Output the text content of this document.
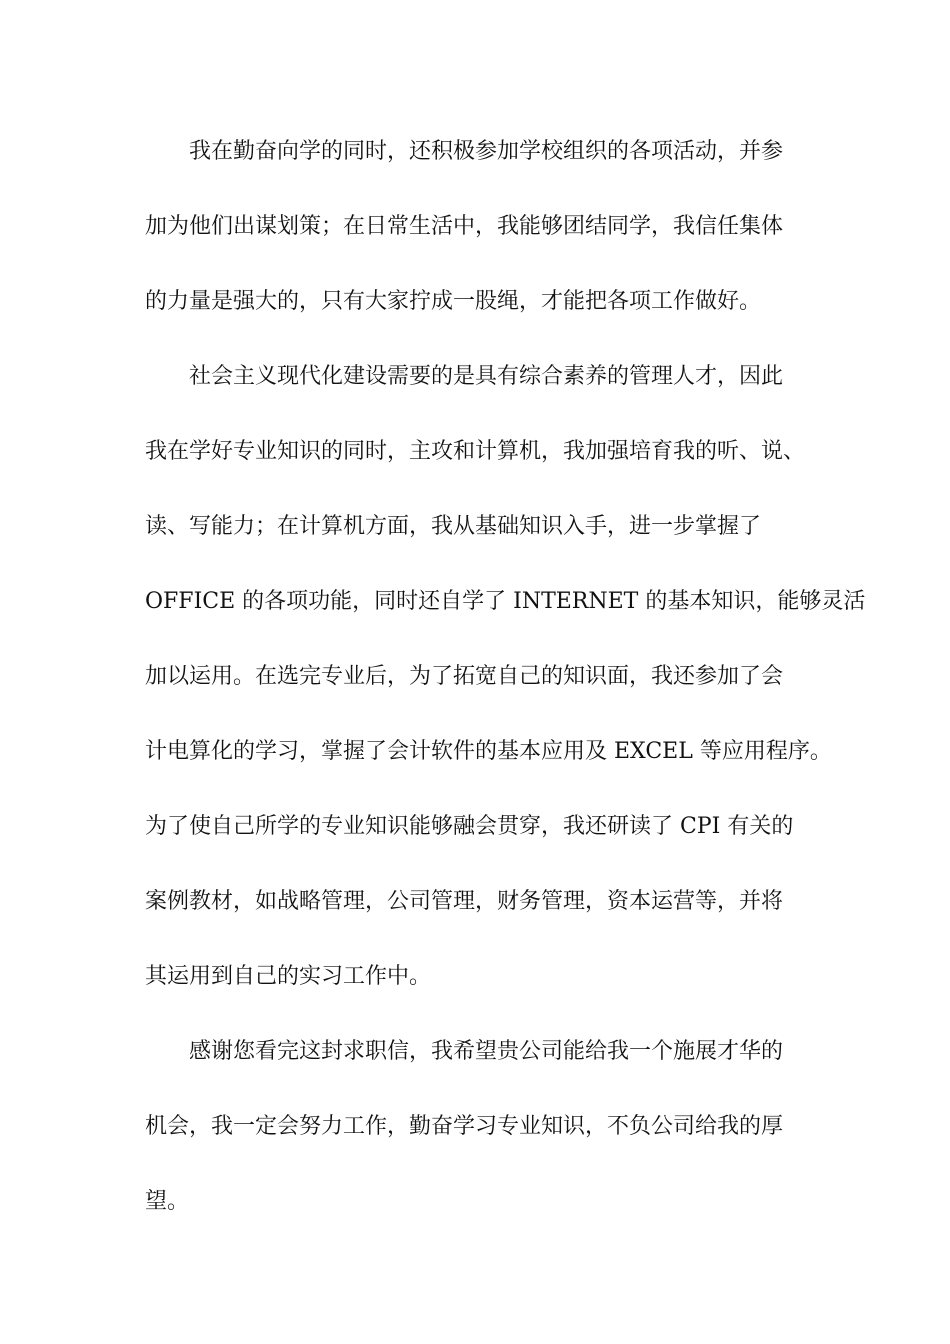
我在勤奋向学的同时，还积极参加学校组织的各项活动，并参
加为他们出谋划策；在日常生活中，我能够团结同学，我信任集体
的力量是强大的，只有大家拧成一股绳，才能把各项工作做好。
社会主义现代化建设需要的是具有综合素养的管理人才，因此
我在学好专业知识的同时，主攻和计算机，我加强培育我的听、说、
读、写能力；在计算机方面，我从基础知识入手，进一步掌握了
OFFICE 的各项功能，同时还自学了 INTERNET 的基本知识，能够灵活
加以运用。在选完专业后，为了拓宽自己的知识面，我还参加了会
计电算化的学习，掌握了会计软件的基本应用及 EXCEL 等应用程序。
为了使自己所学的专业知识能够融会贯穿，我还研读了 CPI 有关的
案例教材，如战略管理，公司管理，财务管理，资本运营等，并将
其运用到自己的实习工作中。
感谢您看完这封求职信，我希望贵公司能给我一个施展才华的
机会，我一定会努力工作，勤奋学习专业知识，不负公司给我的厚
望。
